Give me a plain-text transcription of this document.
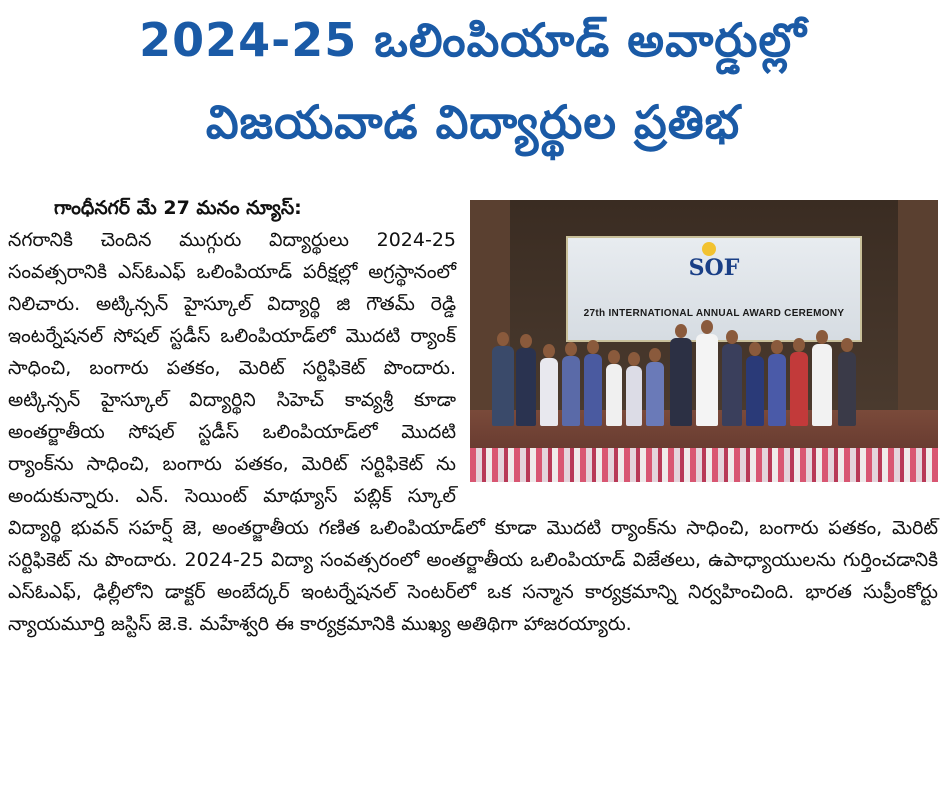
2024-25 ఒలింపియాడ్ అవార్డుల్లో
విజయవాడ విద్యార్థుల ప్రతిభ
SOF
27th INTERNATIONAL ANNUAL AWARD CEREMONY
గాంధీనగర్ మే 27 మనం న్యూస్:
నగరానికి చెందిన ముగ్గురు విద్యార్థులు 2024-25 సంవత్సరానికి ఎస్ఓఎఫ్ ఒలింపియాడ్ పరీక్షల్లో అగ్రస్థానంలో నిలిచారు. అట్కిన్సన్ హైస్కూల్ విద్యార్థి జి గౌతమ్ రెడ్డి ఇంటర్నేషనల్ సోషల్ స్టడీస్ ఒలింపియాడ్‌లో మొదటి ర్యాంక్ సాధించి, బంగారు పతకం, మెరిట్ సర్టిఫికెట్ పొందారు. అట్కిన్సన్ హైస్కూల్ విద్యార్థిని సిహెచ్ కావ్యశ్రీ కూడా అంతర్జాతీయ సోషల్ స్టడీస్ ఒలింపియాడ్‌లో మొదటి ర్యాంక్‌ను సాధించి, బంగారు పతకం, మెరిట్ సర్టిఫికెట్ ను అందుకున్నారు. ఎన్. సెయింట్ మాథ్యూస్ పబ్లిక్ స్కూల్ విద్యార్థి భువన్ సహర్ష్ జె, అంతర్జాతీయ గణిత ఒలింపియాడ్‌లో కూడా మొదటి ర్యాంక్‌ను సాధించి, బంగారు పతకం, మెరిట్ సర్టిఫికెట్ ను పొందారు. 2024-25 విద్యా సంవత్సరంలో అంతర్జాతీయ ఒలింపియాడ్ విజేతలు, ఉపాధ్యాయులను గుర్తించడానికి ఎస్ఓఎఫ్, ఢిల్లీలోని డాక్టర్ అంబేద్కర్ ఇంటర్నేషనల్ సెంటర్‌లో ఒక సన్మాన కార్యక్రమాన్ని నిర్వహించింది. భారత సుప్రీంకోర్టు న్యాయమూర్తి జస్టిస్ జె.కె. మహేశ్వరి ఈ కార్యక్రమానికి ముఖ్య అతిథిగా హాజరయ్యారు.
